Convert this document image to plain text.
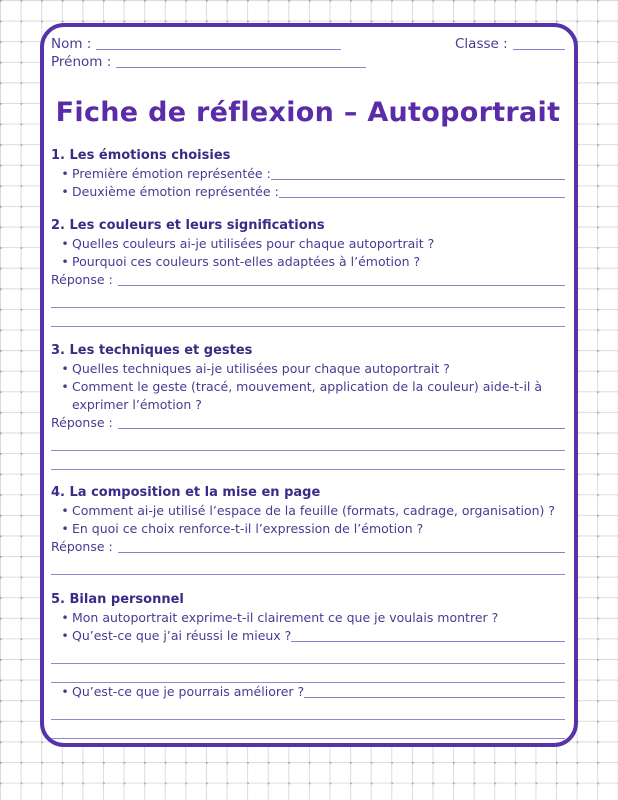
Nom :	Classe :
Prénom :
Fiche de réflexion – Autoportrait
1. Les émotions choisies
• Première émotion représentée :
• Deuxième émotion représentée :
2. Les couleurs et leurs significations
• Quelles couleurs ai-je utilisées pour chaque autoportrait ?
• Pourquoi ces couleurs sont-elles adaptées à l’émotion ?
Réponse :
3. Les techniques et gestes
• Quelles techniques ai-je utilisées pour chaque autoportrait ?
• Comment le geste (tracé, mouvement, application de la couleur) aide-t-il à exprimer l’émotion ?
Réponse :
4. La composition et la mise en page
• Comment ai-je utilisé l’espace de la feuille (formats, cadrage, organisation) ?
• En quoi ce choix renforce-t-il l’expression de l’émotion ?
Réponse :
5. Bilan personnel
• Mon autoportrait exprime-t-il clairement ce que je voulais montrer ?
• Qu’est-ce que j’ai réussi le mieux ?
• Qu’est-ce que je pourrais améliorer ?
